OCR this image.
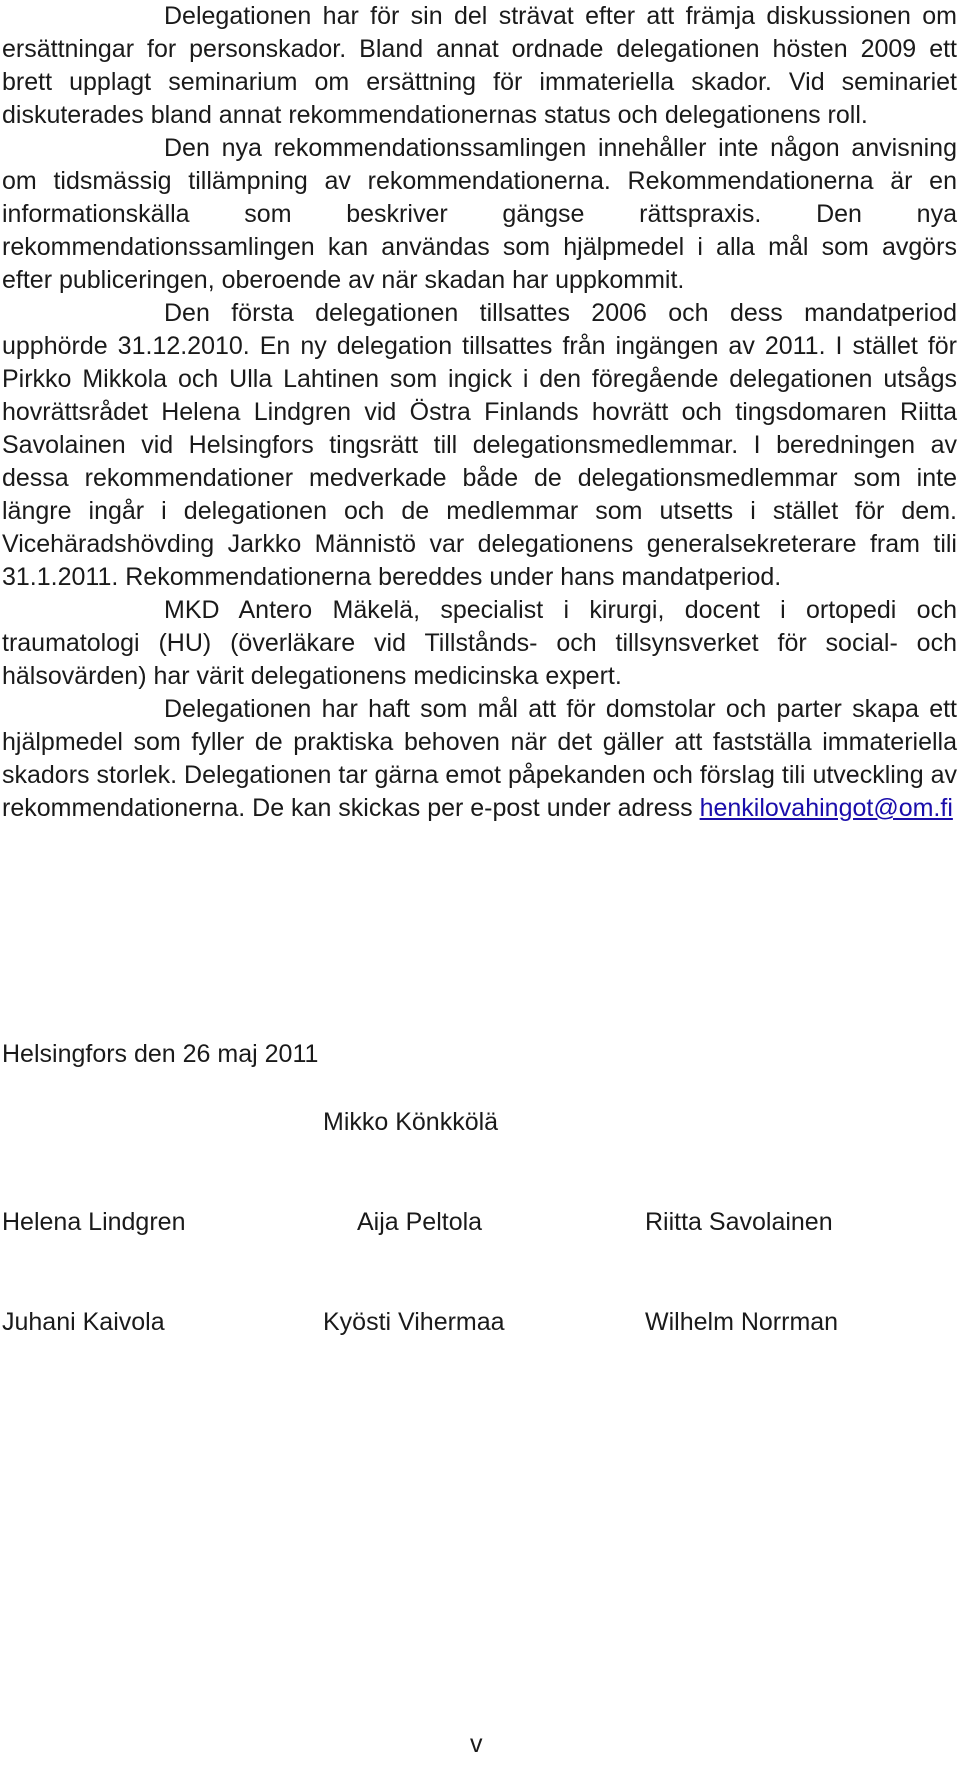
Delegationen har för sin del strävat efter att främja diskussionen om ersättningar for personskador. Bland annat ordnade delegationen hösten 2009 ett brett upplagt seminarium om ersättning för immateriella skador. Vid seminariet diskuterades bland annat rekommendationernas status och delegationens roll.

Den nya rekommendationssamlingen innehåller inte någon anvisning om tidsmässig tillämpning av rekommendationerna. Rekommendationerna är en informationskälla som beskriver gängse rättspraxis. Den nya rekommendationssamlingen kan användas som hjälpmedel i alla mål som avgörs efter publiceringen, oberoende av när skadan har uppkommit.

Den första delegationen tillsattes 2006 och dess mandatperiod upphörde 31.12.2010. En ny delegation tillsattes från ingängen av 2011. I stället för Pirkko Mikkola och Ulla Lahtinen som ingick i den föregående delegationen utsågs hovrättsrådet Helena Lindgren vid Östra Finlands hovrätt och tingsdomaren Riitta Savolainen vid Helsingfors tingsrätt till delegationsmedlemmar. I beredningen av dessa rekommendationer medverkade både de delegationsmedlemmar som inte längre ingår i delegationen och de medlemmar som utsetts i stället för dem. Vicehäradshövding Jarkko Männistö var delegationens generalsekreterare fram tili 31.1.2011. Rekommendationerna bereddes under hans mandatperiod.

MKD Antero Mäkelä, specialist i kirurgi, docent i ortopedi och traumatologi (HU) (överläkare vid Tillstånds- och tillsynsverket för social- och hälsovärden) har värit delegationens medicinska expert.

Delegationen har haft som mål att för domstolar och parter skapa ett hjälpmedel som fyller de praktiska behoven när det gäller att fastställa immateriella skadors storlek. Delegationen tar gärna emot påpekanden och förslag tili utveckling av rekommendationerna. De kan skickas per e-post under adress henkilovahingot@om.fi

Helsingfors den 26 maj 2011
Mikko Könkkölä
Helena Lindgren	Aija Peltola	Riitta Savolainen
Juhani Kaivola	Kyösti Vihermaa	Wilhelm Norrman
v
